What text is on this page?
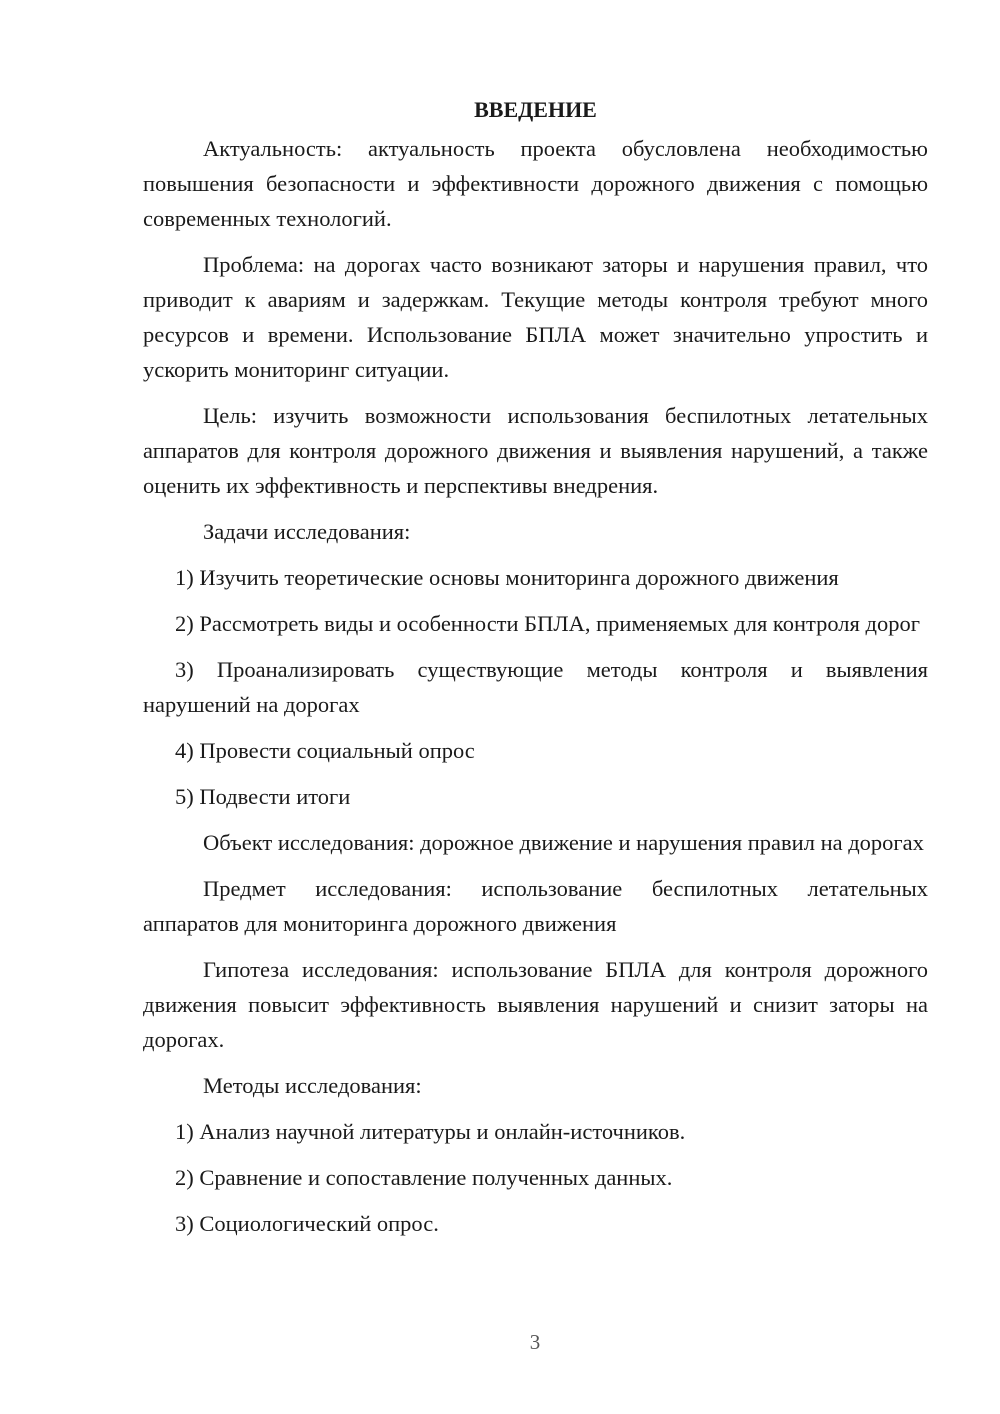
ВВЕДЕНИЕ

Актуальность: актуальность проекта обусловлена необходимостью повышения безопасности и эффективности дорожного движения с помощью современных технологий.

Проблема: на дорогах часто возникают заторы и нарушения правил, что приводит к авариям и задержкам. Текущие методы контроля требуют много ресурсов и времени. Использование БПЛА может значительно упростить и ускорить мониторинг ситуации.

Цель: изучить возможности использования беспилотных летательных аппаратов для контроля дорожного движения и выявления нарушений, а также оценить их эффективность и перспективы внедрения.

Задачи исследования:

1) Изучить теоретические основы мониторинга дорожного движения

2) Рассмотреть виды и особенности БПЛА, применяемых для контроля дорог

3) Проанализировать существующие методы контроля и выявления нарушений на дорогах

4) Провести социальный опрос

5) Подвести итоги

Объект исследования: дорожное движение и нарушения правил на дорогах

Предмет исследования: использование беспилотных летательных аппаратов для мониторинга дорожного движения

Гипотеза исследования: использование БПЛА для контроля дорожного движения повысит эффективность выявления нарушений и снизит заторы на дорогах.

Методы исследования:

1) Анализ научной литературы и онлайн-источников.

2) Сравнение и сопоставление полученных данных.

3) Социологический опрос.

3
